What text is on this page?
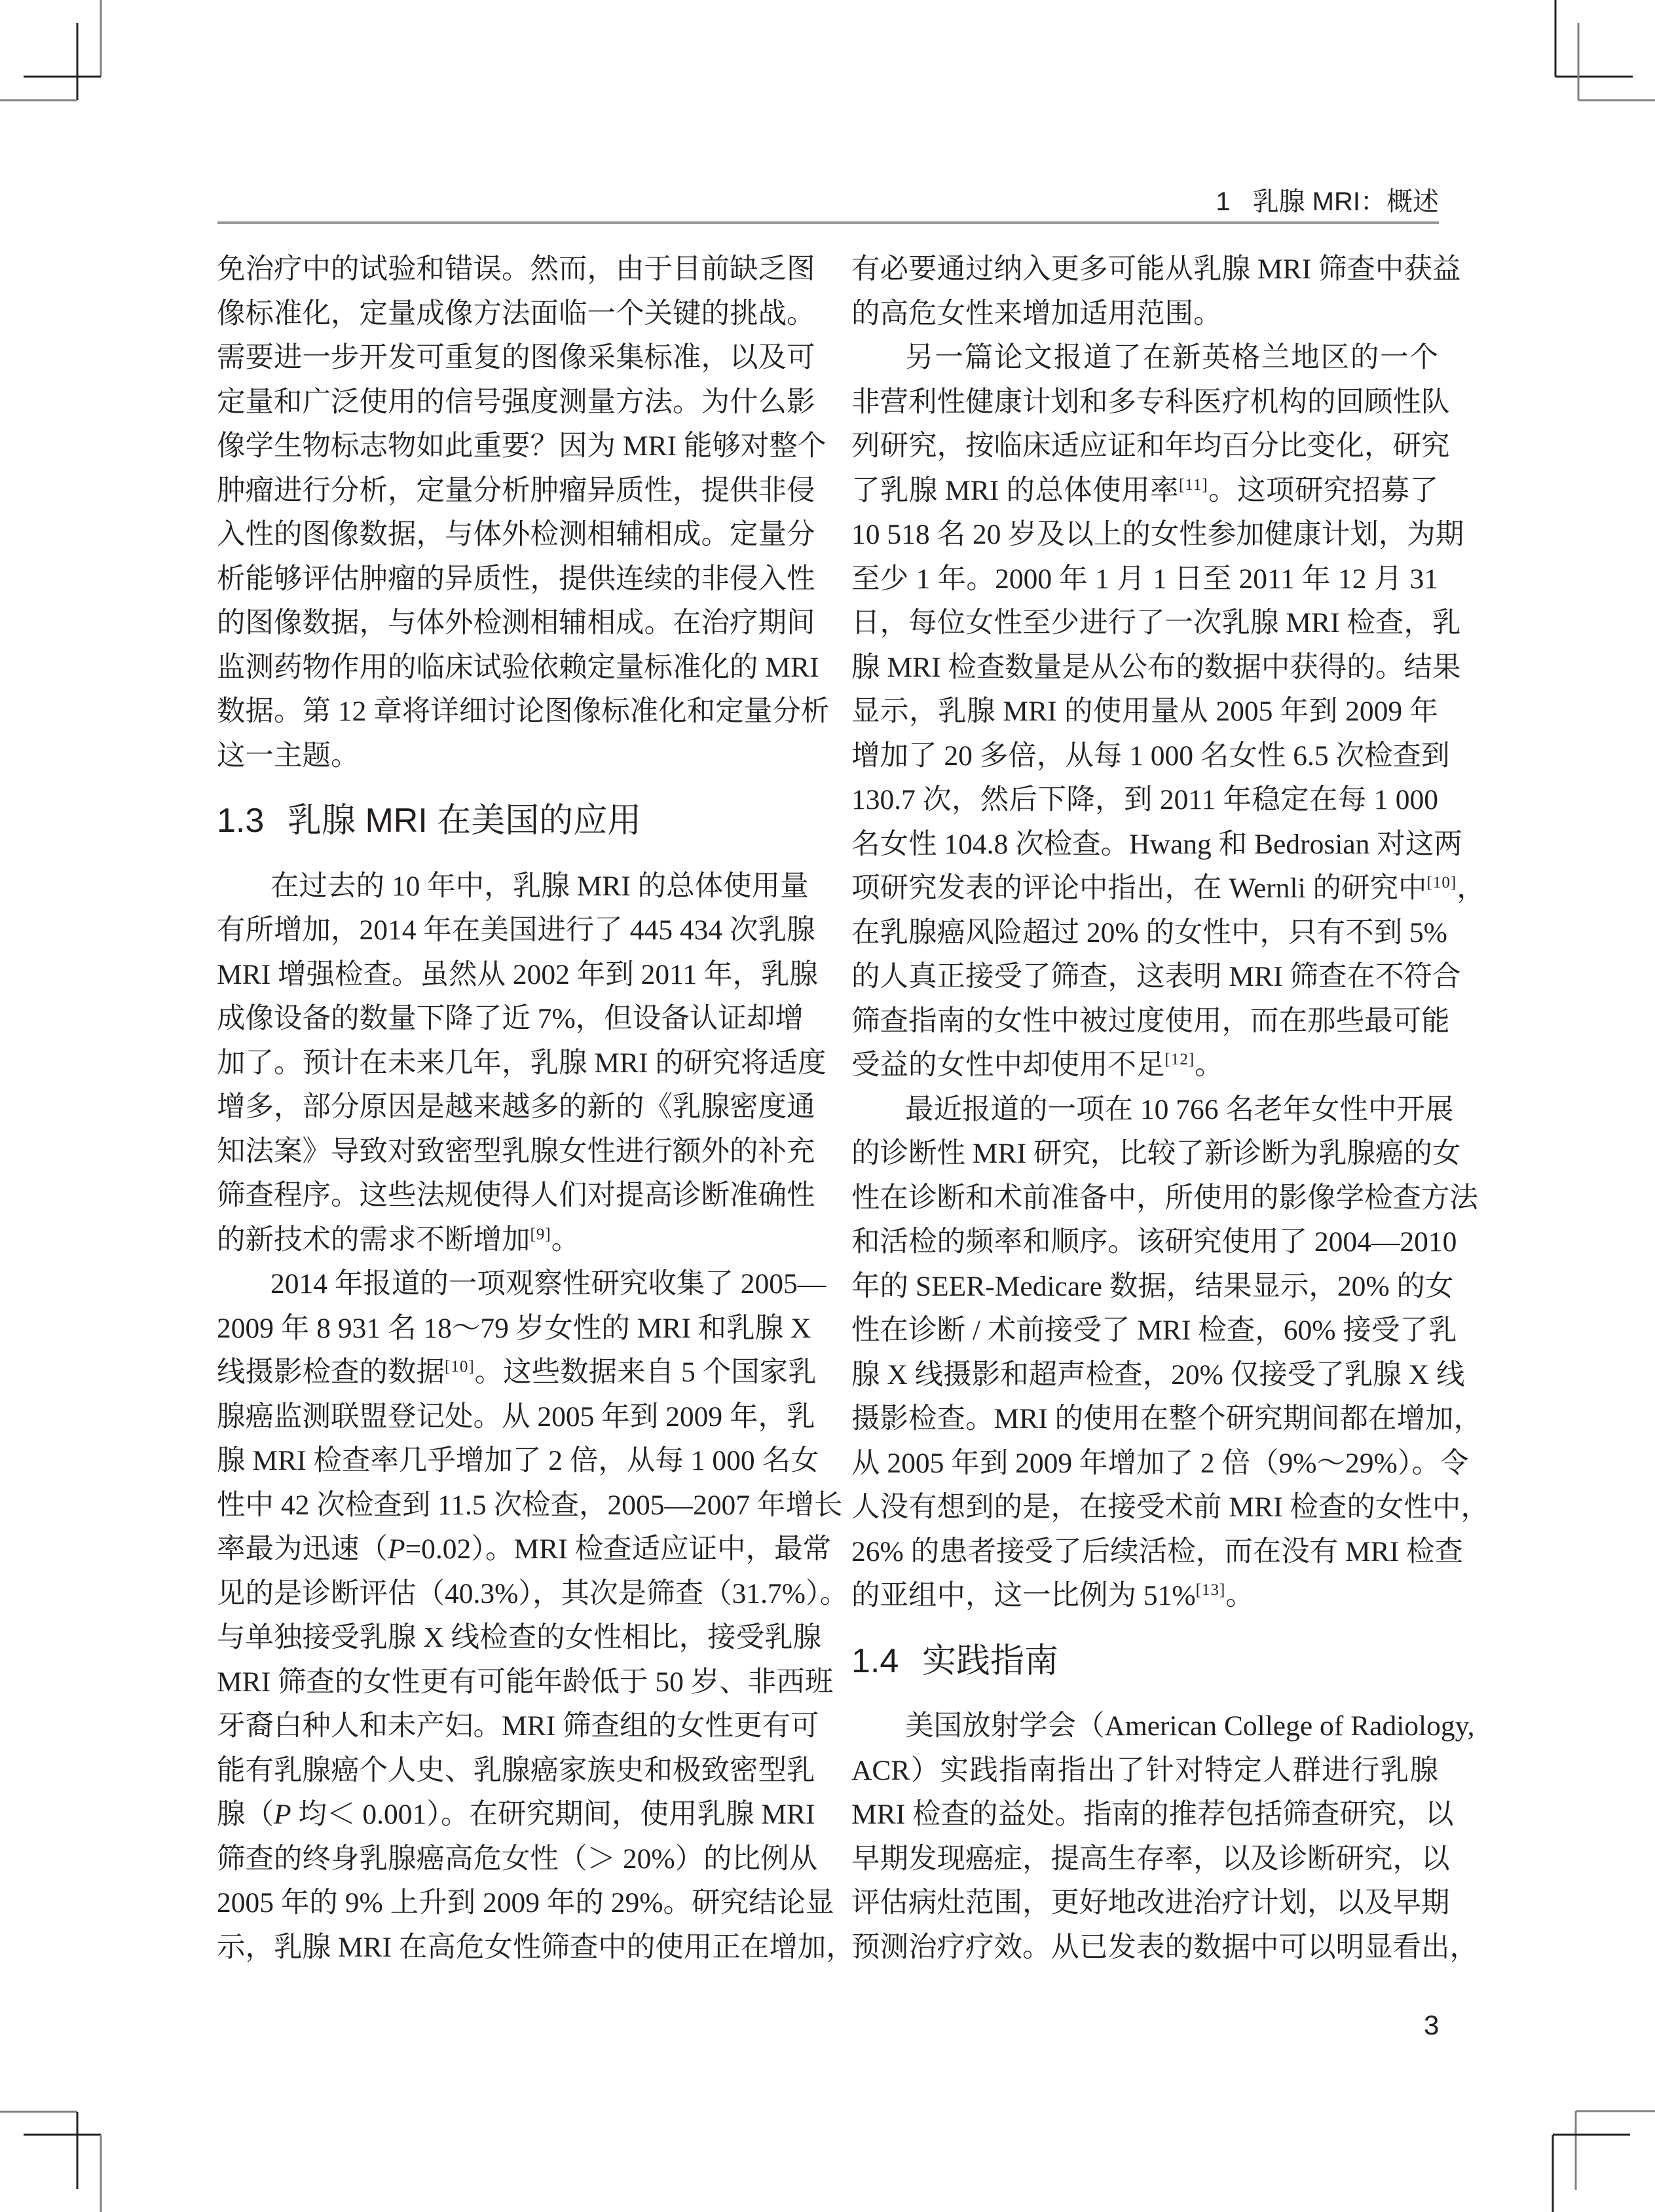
1 乳腺 MRI：概述
免治疗中的试验和错误。然而，由于目前缺乏图
像标准化，定量成像方法面临一个关键的挑战。
需要进一步开发可重复的图像采集标准，以及可
定量和广泛使用的信号强度测量方法。为什么影
像学生物标志物如此重要？因为 MRI 能够对整个
肿瘤进行分析，定量分析肿瘤异质性，提供非侵
入性的图像数据，与体外检测相辅相成。定量分
析能够评估肿瘤的异质性，提供连续的非侵入性
的图像数据，与体外检测相辅相成。在治疗期间
监测药物作用的临床试验依赖定量标准化的 MRI
数据。第 12 章将详细讨论图像标准化和定量分析
这一主题。
1.3 乳腺 MRI 在美国的应用
在过去的 10 年中，乳腺 MRI 的总体使用量
有所增加，2014 年在美国进行了 445 434 次乳腺
MRI 增强检查。虽然从 2002 年到 2011 年，乳腺
成像设备的数量下降了近 7%，但设备认证却增
加了。预计在未来几年，乳腺 MRI 的研究将适度
增多，部分原因是越来越多的新的《乳腺密度通
知法案》导致对致密型乳腺女性进行额外的补充
筛查程序。这些法规使得人们对提高诊断准确性
的新技术的需求不断增加[9]。
2014 年报道的一项观察性研究收集了 2005—
2009 年 8 931 名 18～79 岁女性的 MRI 和乳腺 X
线摄影检查的数据[10]。这些数据来自 5 个国家乳
腺癌监测联盟登记处。从 2005 年到 2009 年，乳
腺 MRI 检查率几乎增加了 2 倍，从每 1 000 名女
性中 42 次检查到 11.5 次检查，2005—2007 年增长
率最为迅速（P=0.02）。MRI 检查适应证中，最常
见的是诊断评估（40.3%），其次是筛查（31.7%）。
与单独接受乳腺 X 线检查的女性相比，接受乳腺
MRI 筛查的女性更有可能年龄低于 50 岁、非西班
牙裔白种人和未产妇。MRI 筛查组的女性更有可
能有乳腺癌个人史、乳腺癌家族史和极致密型乳
腺（P 均＜ 0.001）。在研究期间，使用乳腺 MRI
筛查的终身乳腺癌高危女性（＞ 20%）的比例从
2005 年的 9% 上升到 2009 年的 29%。研究结论显
示，乳腺 MRI 在高危女性筛查中的使用正在增加，
有必要通过纳入更多可能从乳腺 MRI 筛查中获益
的高危女性来增加适用范围。
另一篇论文报道了在新英格兰地区的一个
非营利性健康计划和多专科医疗机构的回顾性队
列研究，按临床适应证和年均百分比变化，研究
了乳腺 MRI 的总体使用率[11]。这项研究招募了
10 518 名 20 岁及以上的女性参加健康计划，为期
至少 1 年。2000 年 1 月 1 日至 2011 年 12 月 31
日，每位女性至少进行了一次乳腺 MRI 检查，乳
腺 MRI 检查数量是从公布的数据中获得的。结果
显示，乳腺 MRI 的使用量从 2005 年到 2009 年
增加了 20 多倍，从每 1 000 名女性 6.5 次检查到
130.7 次，然后下降，到 2011 年稳定在每 1 000
名女性 104.8 次检查。Hwang 和 Bedrosian 对这两
项研究发表的评论中指出，在 Wernli 的研究中[10]，
在乳腺癌风险超过 20% 的女性中，只有不到 5%
的人真正接受了筛查，这表明 MRI 筛查在不符合
筛查指南的女性中被过度使用，而在那些最可能
受益的女性中却使用不足[12]。
最近报道的一项在 10 766 名老年女性中开展
的诊断性 MRI 研究，比较了新诊断为乳腺癌的女
性在诊断和术前准备中，所使用的影像学检查方法
和活检的频率和顺序。该研究使用了 2004—2010
年的 SEER-Medicare 数据，结果显示，20% 的女
性在诊断 / 术前接受了 MRI 检查，60% 接受了乳
腺 X 线摄影和超声检查，20% 仅接受了乳腺 X 线
摄影检查。MRI 的使用在整个研究期间都在增加，
从 2005 年到 2009 年增加了 2 倍（9%～29%）。令
人没有想到的是，在接受术前 MRI 检查的女性中，
26% 的患者接受了后续活检，而在没有 MRI 检查
的亚组中，这一比例为 51%[13]。
1.4 实践指南
美国放射学会（American College of Radiology,
ACR）实践指南指出了针对特定人群进行乳腺
MRI 检查的益处。指南的推荐包括筛查研究，以
早期发现癌症，提高生存率，以及诊断研究，以
评估病灶范围，更好地改进治疗计划，以及早期
预测治疗疗效。从已发表的数据中可以明显看出，
3
